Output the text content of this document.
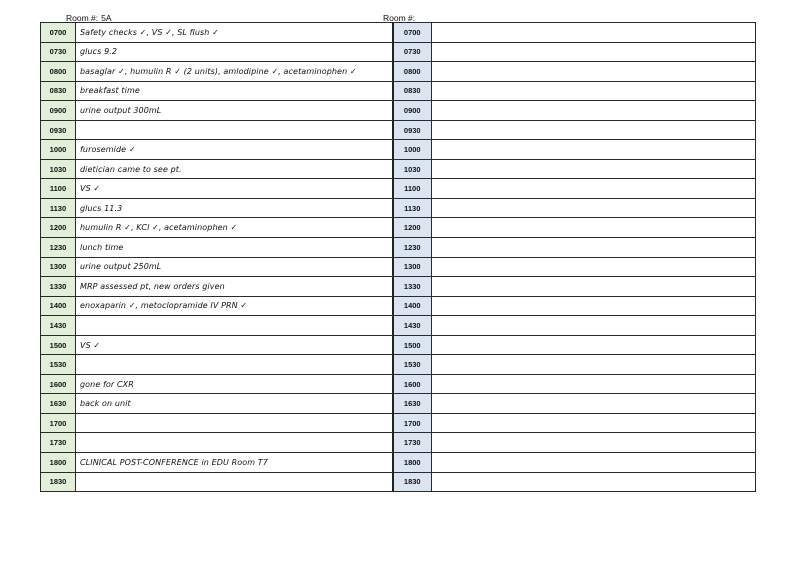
Room #: 5A	Room #:
0700	Safety checks ✓, VS ✓, SL flush ✓	0700	
0730	glucs 9.2	0730	
0800	basaglar ✓, humulin R ✓ (2 units), amlodipine ✓, acetaminophen ✓	0800	
0830	breakfast time	0830	
0900	urine output 300mL	0900	
0930		0930	
1000	furosemide ✓	1000	
1030	dietician came to see pt.	1030	
1100	VS ✓	1100	
1130	glucs 11.3	1130	
1200	humulin R ✓, KCl ✓, acetaminophen ✓	1200	
1230	lunch time	1230	
1300	urine output 250mL	1300	
1330	MRP assessed pt, new orders given	1330	
1400	enoxaparin ✓, metoclopramide IV PRN ✓	1400	
1430		1430	
1500	VS ✓	1500	
1530		1530	
1600	gone for CXR	1600	
1630	back on unit	1630	
1700		1700	
1730		1730	
1800	CLINICAL POST-CONFERENCE in EDU Room T7	1800	
1830		1830	
